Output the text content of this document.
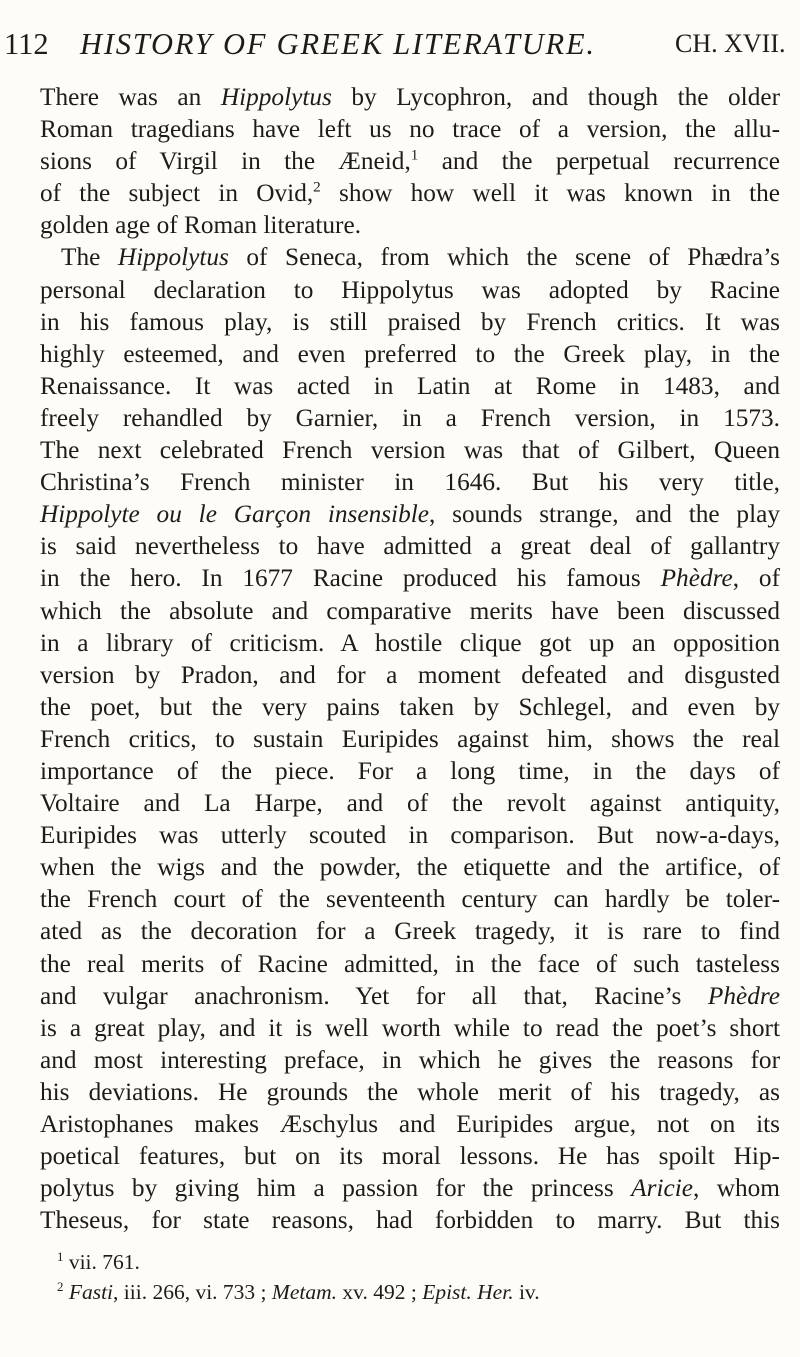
112 HISTORY OF GREEK LITERATURE.	CH. XVII.
There was an Hippolytus by Lycophron, and though the older
Roman tragedians have left us no trace of a version, the allu-
sions of Virgil in the Æneid,$^1$ and the perpetual recurrence
of the subject in Ovid,$^2$ show how well it was known in the
golden age of Roman literature.
The Hippolytus of Seneca, from which the scene of Phædra’s
personal declaration to Hippolytus was adopted by Racine
in his famous play, is still praised by French critics. It was
highly esteemed, and even preferred to the Greek play, in the
Renaissance. It was acted in Latin at Rome in 1483, and
freely rehandled by Garnier, in a French version, in 1573.
The next celebrated French version was that of Gilbert, Queen
Christina’s French minister in 1646. But his very title,
Hippolyte ou le Garçon insensible, sounds strange, and the play
is said nevertheless to have admitted a great deal of gallantry
in the hero. In 1677 Racine produced his famous Phèdre, of
which the absolute and comparative merits have been discussed
in a library of criticism. A hostile clique got up an opposition
version by Pradon, and for a moment defeated and disgusted
the poet, but the very pains taken by Schlegel, and even by
French critics, to sustain Euripides against him, shows the real
importance of the piece. For a long time, in the days of
Voltaire and La Harpe, and of the revolt against antiquity,
Euripides was utterly scouted in comparison. But now-a-days,
when the wigs and the powder, the etiquette and the artifice, of
the French court of the seventeenth century can hardly be toler-
ated as the decoration for a Greek tragedy, it is rare to find
the real merits of Racine admitted, in the face of such tasteless
and vulgar anachronism. Yet for all that, Racine’s Phèdre
is a great play, and it is well worth while to read the poet’s short
and most interesting preface, in which he gives the reasons for
his deviations. He grounds the whole merit of his tragedy, as
Aristophanes makes Æschylus and Euripides argue, not on its
poetical features, but on its moral lessons. He has spoilt Hip-
polytus by giving him a passion for the princess Aricie, whom
Theseus, for state reasons, had forbidden to marry. But this
$^1$ vii. 761.
$^2$ Fasti, iii. 266, vi. 733 ; Metam. xv. 492 ; Epist. Her. iv.
